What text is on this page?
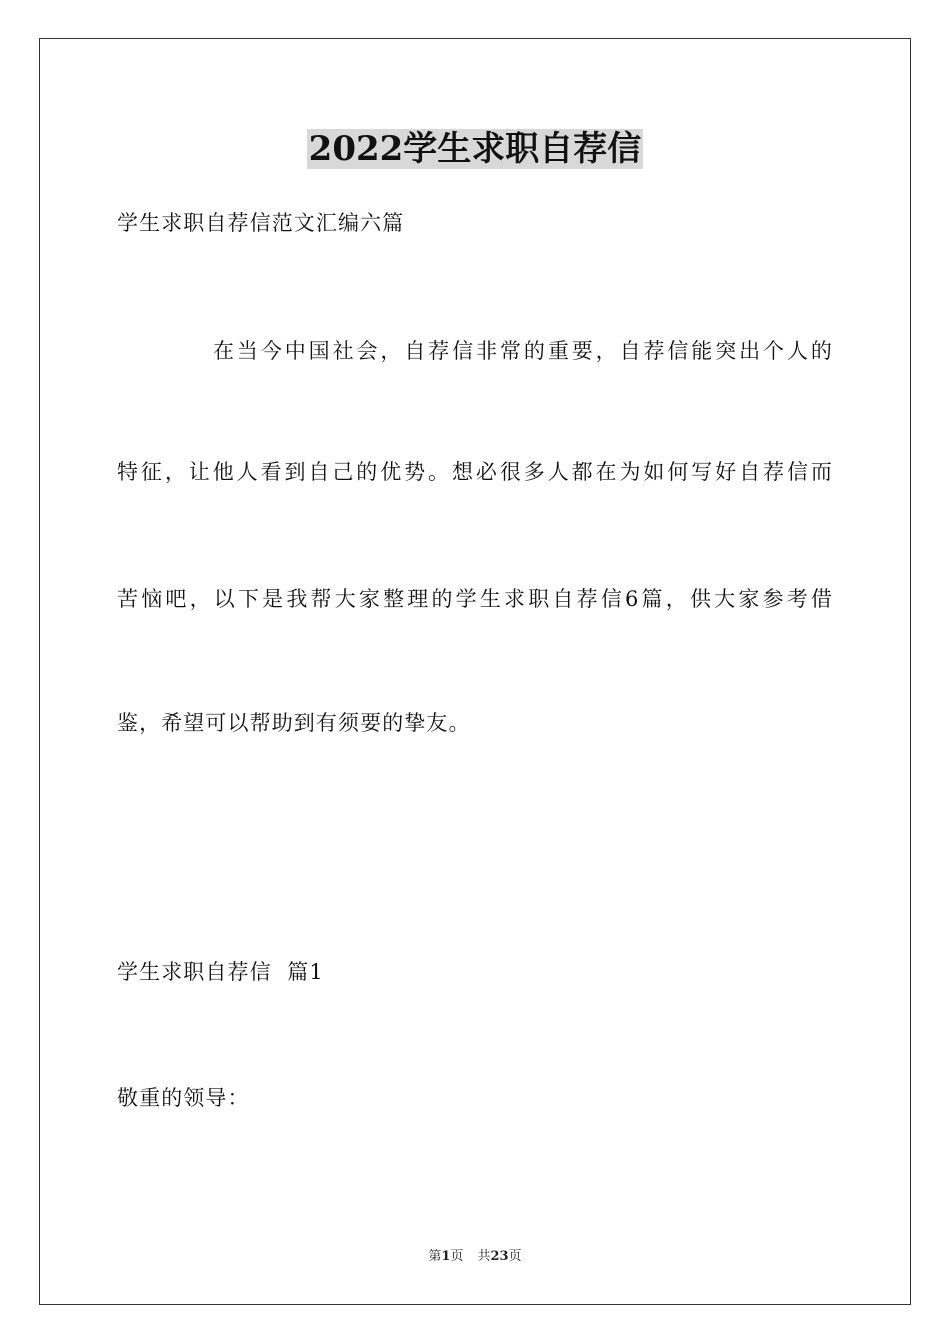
2022学生求职自荐信
学生求职自荐信范文汇编六篇
在当今中国社会，自荐信非常的重要，自荐信能突出个人的
特征，让他人看到自己的优势。想必很多人都在为如何写好自荐信而
苦恼吧，以下是我帮大家整理的学生求职自荐信6篇，供大家参考借
鉴，希望可以帮助到有须要的挚友。
学生求职自荐信  篇1
敬重的领导：
第1页 共23页
